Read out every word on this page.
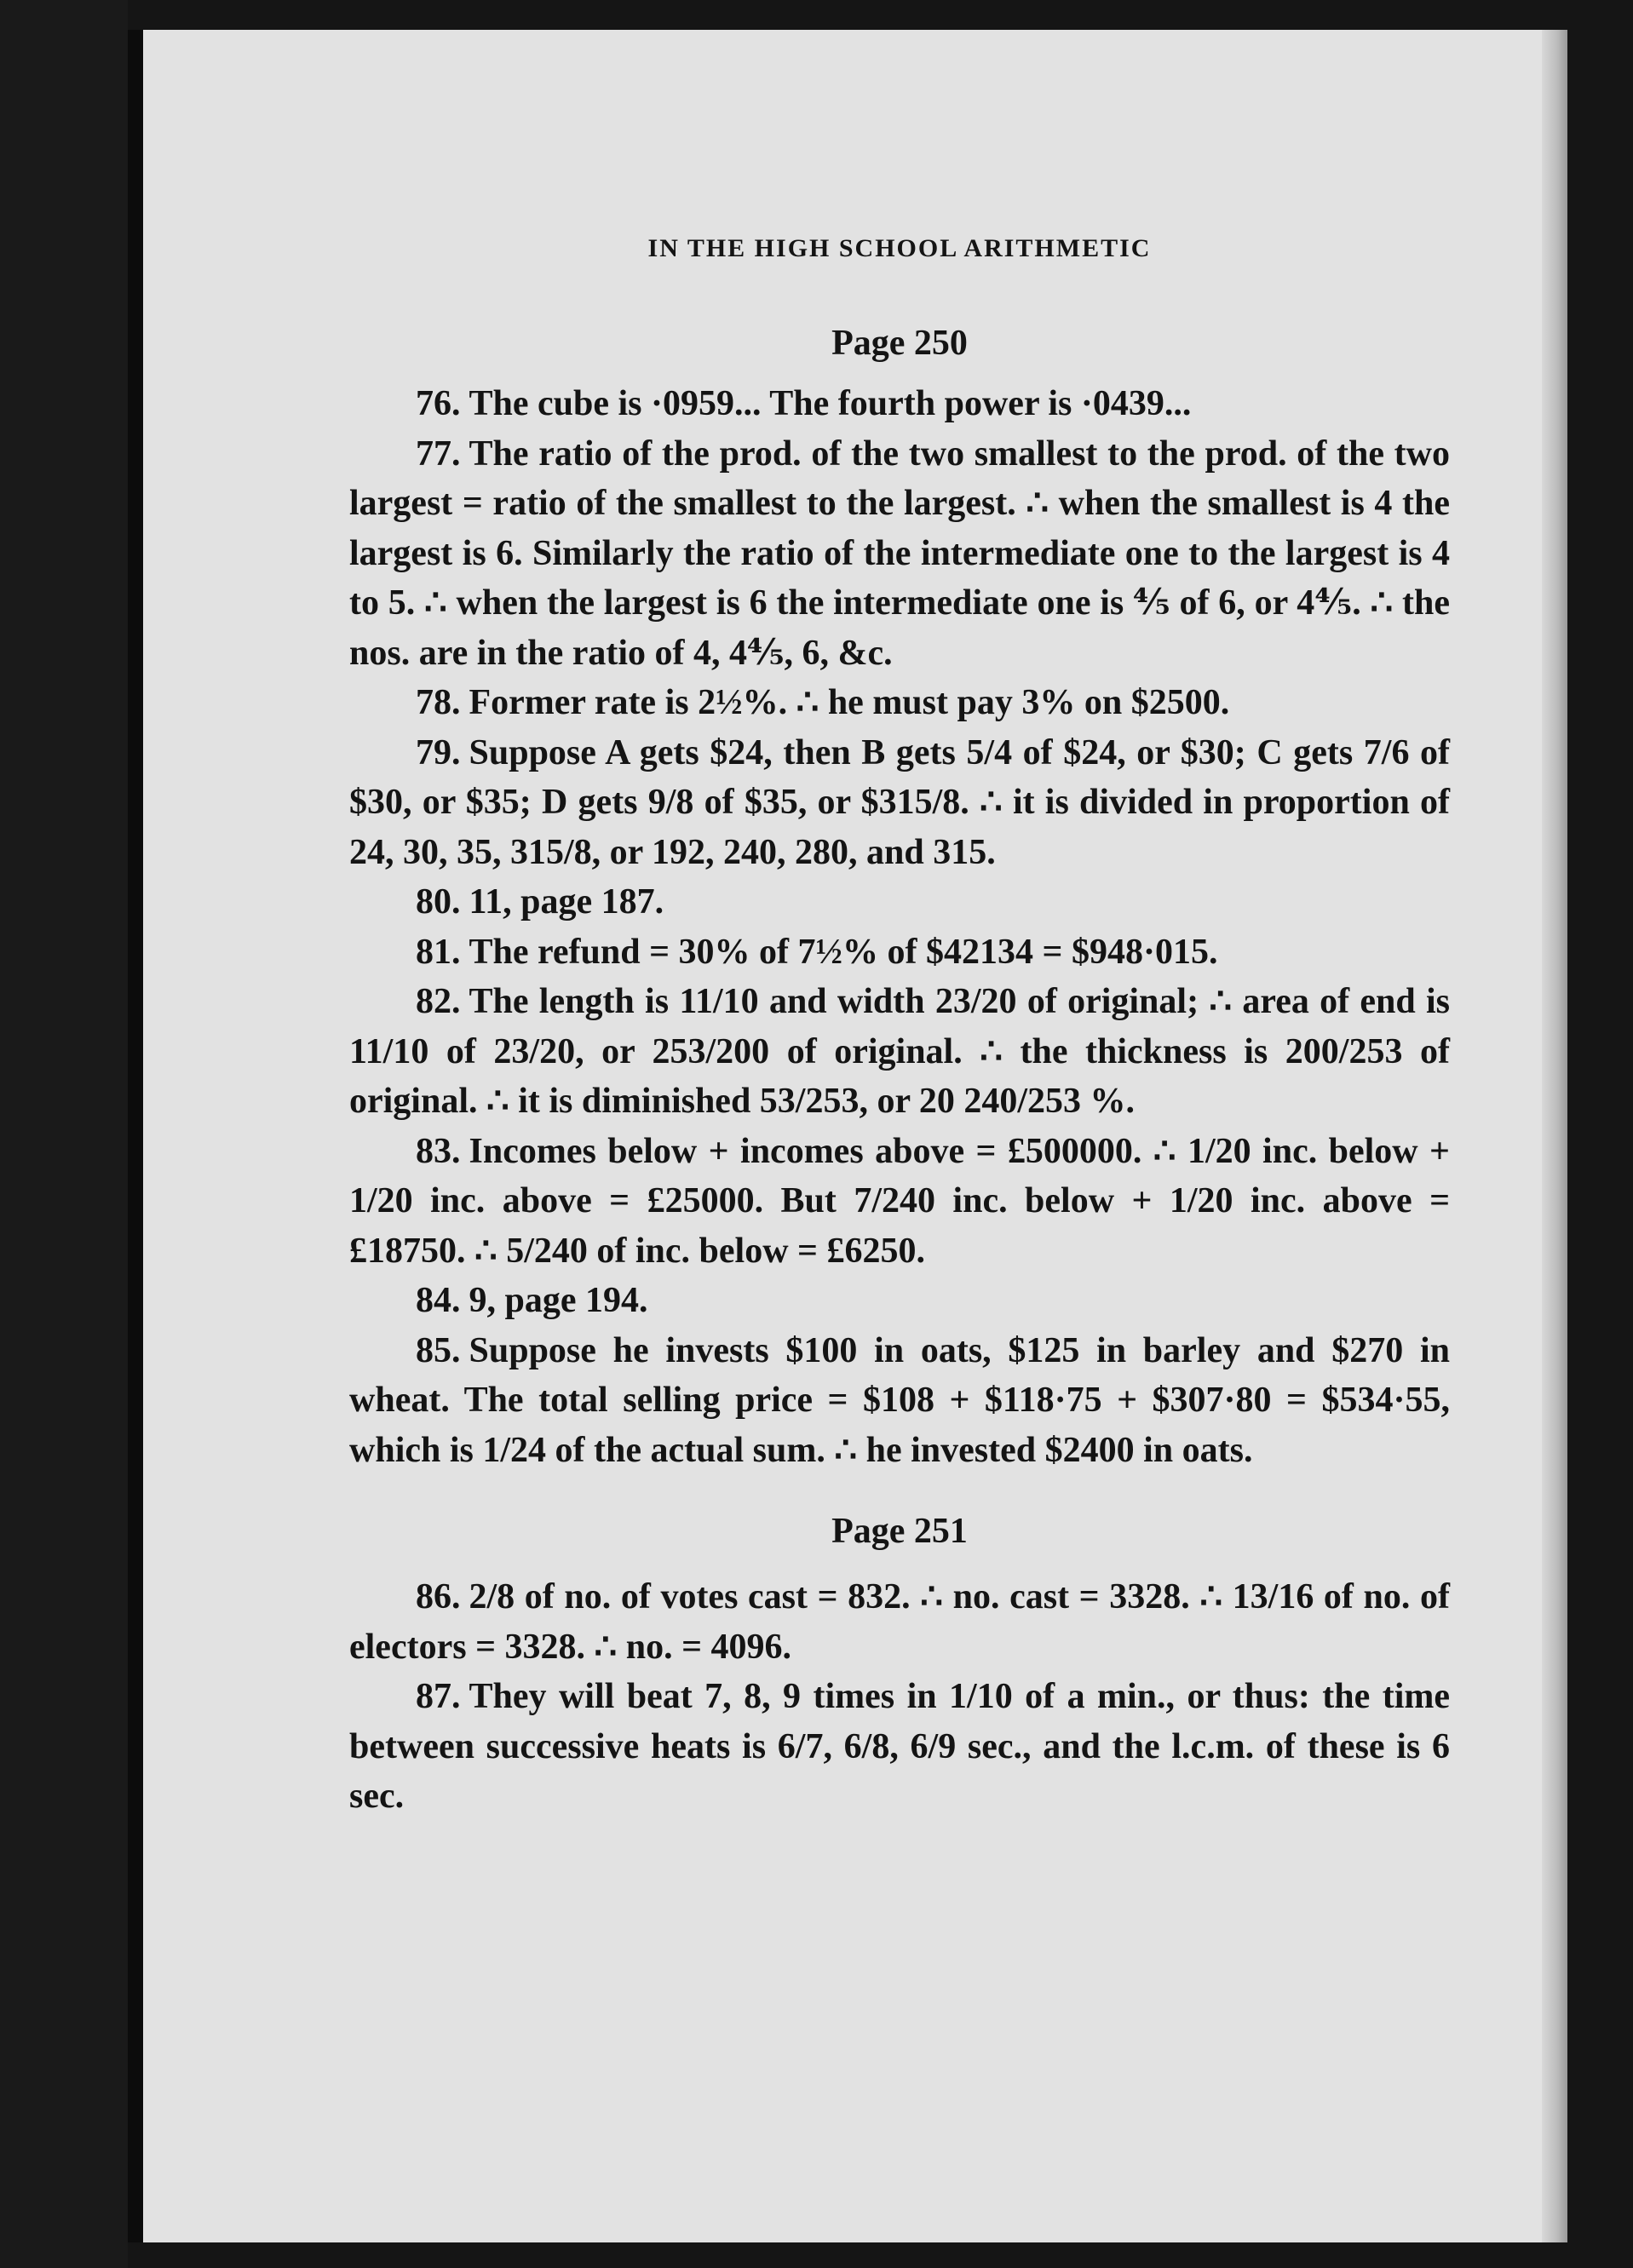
IN THE HIGH SCHOOL ARITHMETIC
Page 250

76. The cube is ·0959... The fourth power is ·0439...

77. The ratio of the prod. of the two smallest to the prod. of the two largest = ratio of the smallest to the largest. ∴ when the smallest is 4 the largest is 6. Similarly the ratio of the intermediate one to the largest is 4 to 5. ∴ when the largest is 6 the intermediate one is ⅘ of 6, or 4⅘. ∴ the nos. are in the ratio of 4, 4⅘, 6, &c.

78. Former rate is 2½%. ∴ he must pay 3% on $2500.

79. Suppose A gets $24, then B gets 5/4 of $24, or $30; C gets 7/6 of $30, or $35; D gets 9/8 of $35, or $315/8. ∴ it is divided in proportion of 24, 30, 35, 315/8, or 192, 240, 280, and 315.

80. 11, page 187.

81. The refund = 30% of 7½% of $42134 = $948·015.

82. The length is 11/10 and width 23/20 of original; ∴ area of end is 11/10 of 23/20, or 253/200 of original. ∴ the thickness is 200/253 of original. ∴ it is diminished 53/253, or 20 240/253 %.

83. Incomes below + incomes above = £500000. ∴ 1/20 inc. below + 1/20 inc. above = £25000. But 7/240 inc. below + 1/20 inc. above = £18750. ∴ 5/240 of inc. below = £6250.

84. 9, page 194.

85. Suppose he invests $100 in oats, $125 in barley and $270 in wheat. The total selling price = $108 + $118·75 + $307·80 = $534·55, which is 1/24 of the actual sum. ∴ he invested $2400 in oats.

Page 251

86. 2/8 of no. of votes cast = 832. ∴ no. cast = 3328. ∴ 13/16 of no. of electors = 3328. ∴ no. = 4096.

87. They will beat 7, 8, 9 times in 1/10 of a min., or thus: the time between successive heats is 6/7, 6/8, 6/9 sec., and the l.c.m. of these is 6 sec.
